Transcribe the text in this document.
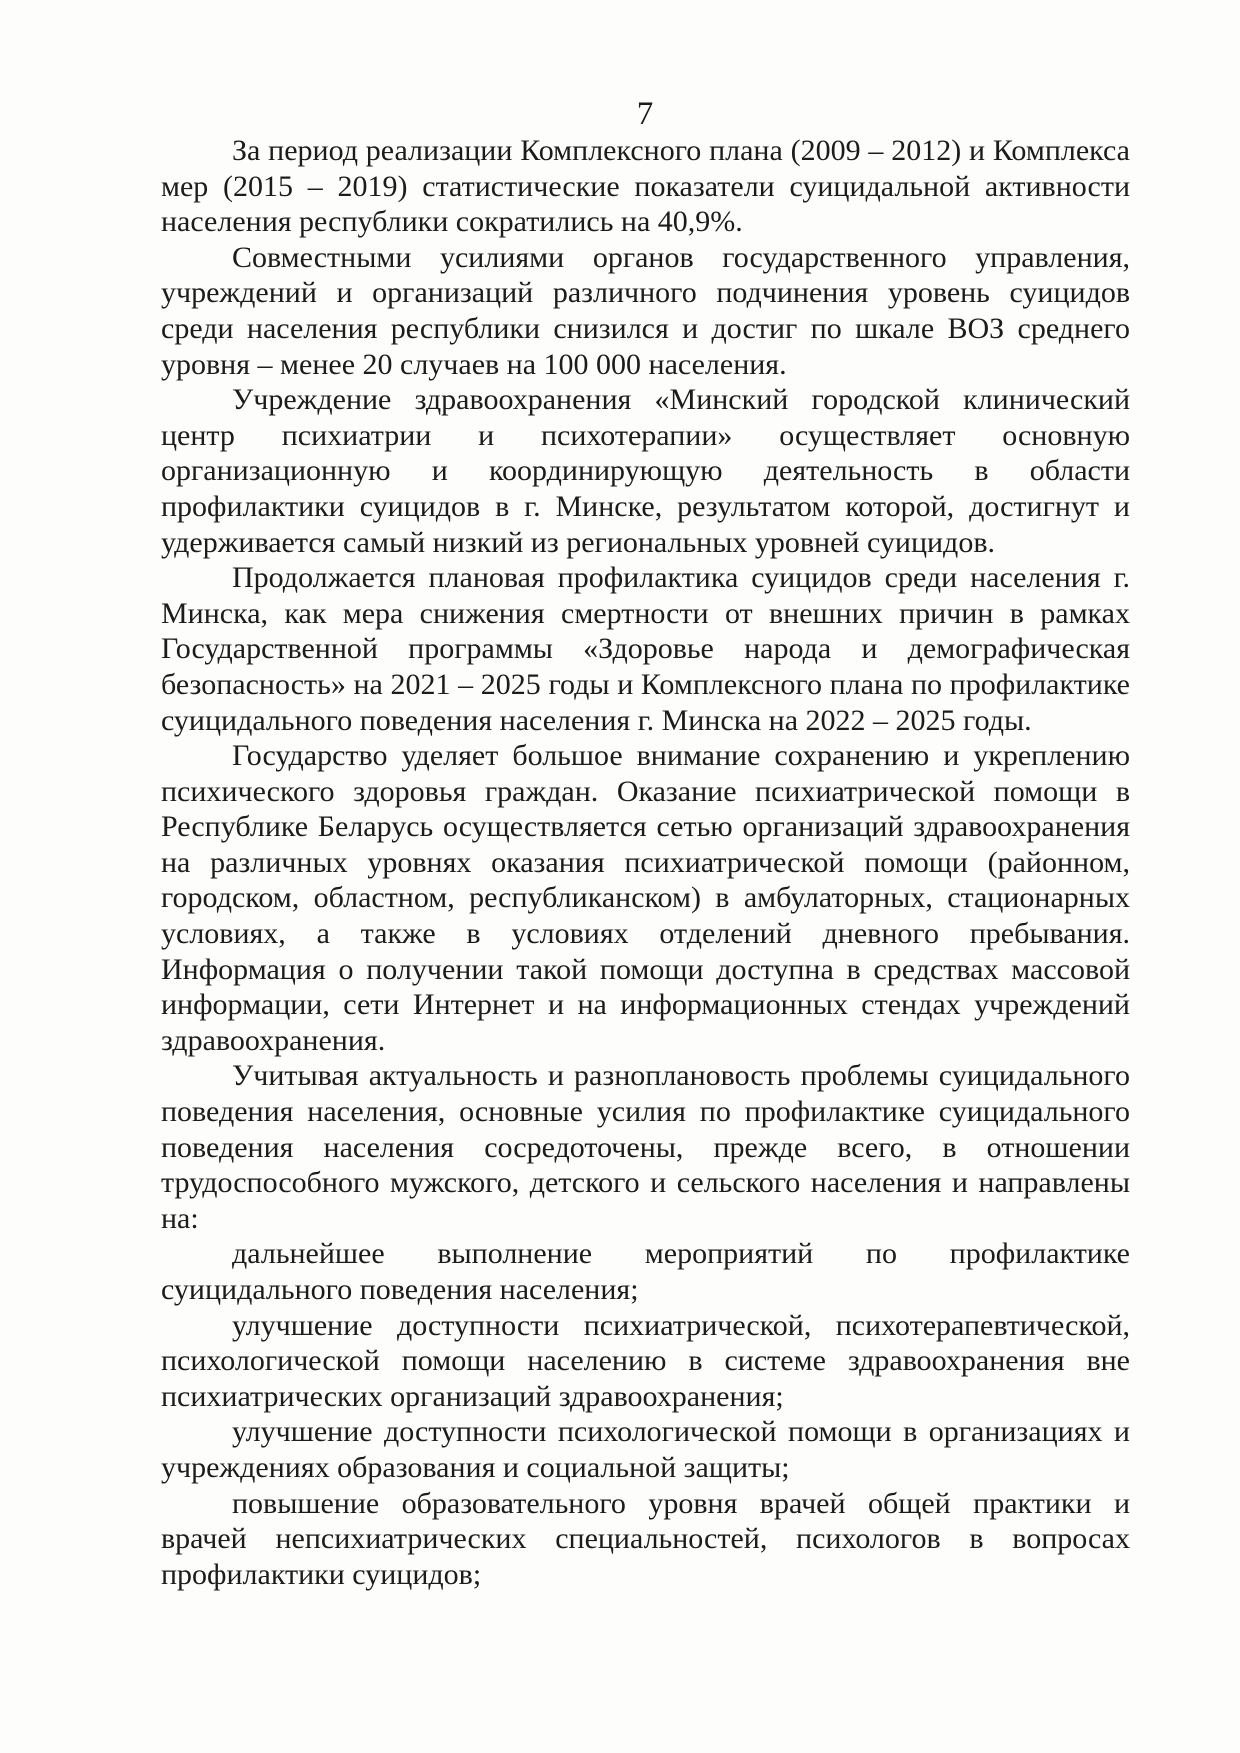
7

За период реализации Комплексного плана (2009 – 2012) и Комплекса мер (2015 – 2019) статистические показатели суицидальной активности населения республики сократились на 40,9%.

Совместными усилиями органов государственного управления, учреждений и организаций различного подчинения уровень суицидов среди населения республики снизился и достиг по шкале ВОЗ среднего уровня – менее 20 случаев на 100 000 населения.

Учреждение здравоохранения «Минский городской клинический центр психиатрии и психотерапии» осуществляет основную организационную и координирующую деятельность в области профилактики суицидов в г. Минске, результатом которой, достигнут и удерживается самый низкий из региональных уровней суицидов.

Продолжается плановая профилактика суицидов среди населения г. Минска, как мера снижения смертности от внешних причин в рамках Государственной программы «Здоровье народа и демографическая безопасность» на 2021 – 2025 годы и Комплексного плана по профилактике суицидального поведения населения г. Минска на 2022 – 2025 годы.

Государство уделяет большое внимание сохранению и укреплению психического здоровья граждан. Оказание психиатрической помощи в Республике Беларусь осуществляется сетью организаций здравоохранения на различных уровнях оказания психиатрической помощи (районном, городском, областном, республиканском) в амбулаторных, стационарных условиях, а также в условиях отделений дневного пребывания. Информация о получении такой помощи доступна в средствах массовой информации, сети Интернет и на информационных стендах учреждений здравоохранения.

Учитывая актуальность и разноплановость проблемы суицидального поведения населения, основные усилия по профилактике суицидального поведения населения сосредоточены, прежде всего, в отношении трудоспособного мужского, детского и сельского населения и направлены на:

дальнейшее выполнение мероприятий по профилактике суицидального поведения населения;

улучшение доступности психиатрической, психотерапевтической, психологической помощи населению в системе здравоохранения вне психиатрических организаций здравоохранения;

улучшение доступности психологической помощи в организациях и учреждениях образования и социальной защиты;

повышение образовательного уровня врачей общей практики и врачей непсихиатрических специальностей, психологов в вопросах профилактики суицидов;
